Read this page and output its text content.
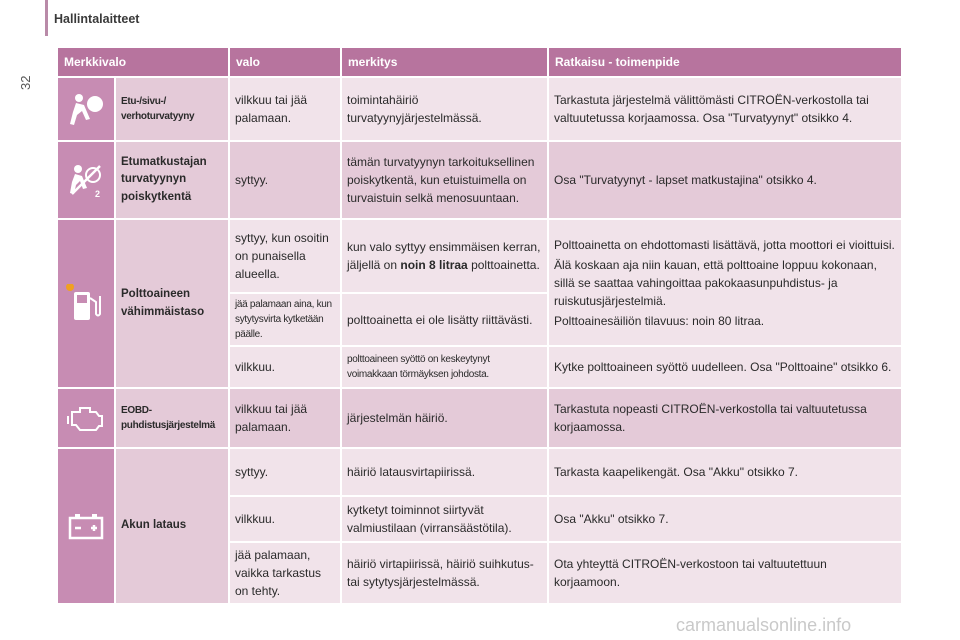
Hallintalaitteet
32
Merkkivalo		valo	merkitys	Ratkaisu - toimenpide

	Etu-/sivu-/ verhoturvatyyny	vilkkuu tai jää palamaan.	toimintahäiriö turvatyynyjärjestelmässä.	Tarkastuta järjestelmä välittömästi CITROËN-verkostolla tai valtuutetussa korjaamossa. Osa "Turvatyynyt" otsikko 4.

2	Etumatkustajan turvatyynyn poiskytkentä	syttyy.	tämän turvatyynyn tarkoituksellinen poiskytkentä, kun etuistuimella on turvaistuin selkä menosuuntaan.	Osa "Turvatyynyt - lapset matkustajina" otsikko 4.

	Polttoaineen vähimmäistaso	syttyy, kun osoitin on punaisella alueella.	kun valo syttyy ensimmäisen kerran, jäljellä on noin 8 litraa polttoainetta.	Polttoainetta on ehdottomasti lisättävä, jotta moottori ei vioittuisi.

Älä koskaan aja niin kauan, että polttoaine loppuu kokonaan, sillä se saattaa vahingoittaa pakokaasunpuhdistus- ja ruiskutusjärjestelmiä.

Polttoainesäiliön tilavuus: noin 80 litraa.

		jää palamaan aina, kun sytytysvirta kytketään päälle.	polttoainetta ei ole lisätty riittävästi.	
		vilkkuu.	polttoaineen syöttö on keskeytynyt voimakkaan törmäyksen johdosta.	Kytke polttoaineen syöttö uudelleen. Osa "Polttoaine" otsikko 6.

	EOBD-puhdistusjärjestelmä	vilkkuu tai jää palamaan.	järjestelmän häiriö.	Tarkastuta nopeasti CITROËN-verkostolla tai valtuutetussa korjaamossa.

	Akun lataus	syttyy.	häiriö latausvirtapiirissä.	Tarkasta kaapelikengät. Osa "Akku" otsikko 7.
		vilkkuu.	kytketyt toiminnot siirtyvät valmiustilaan (virransäästötila).	Osa "Akku" otsikko 7.
		jää palamaan, vaikka tarkastus on tehty.	häiriö virtapiirissä, häiriö suihkutus- tai sytytysjärjestelmässä.	Ota yhteyttä CITROËN-verkostoon tai valtuutettuun korjaamoon.
carmanualsonline.info
